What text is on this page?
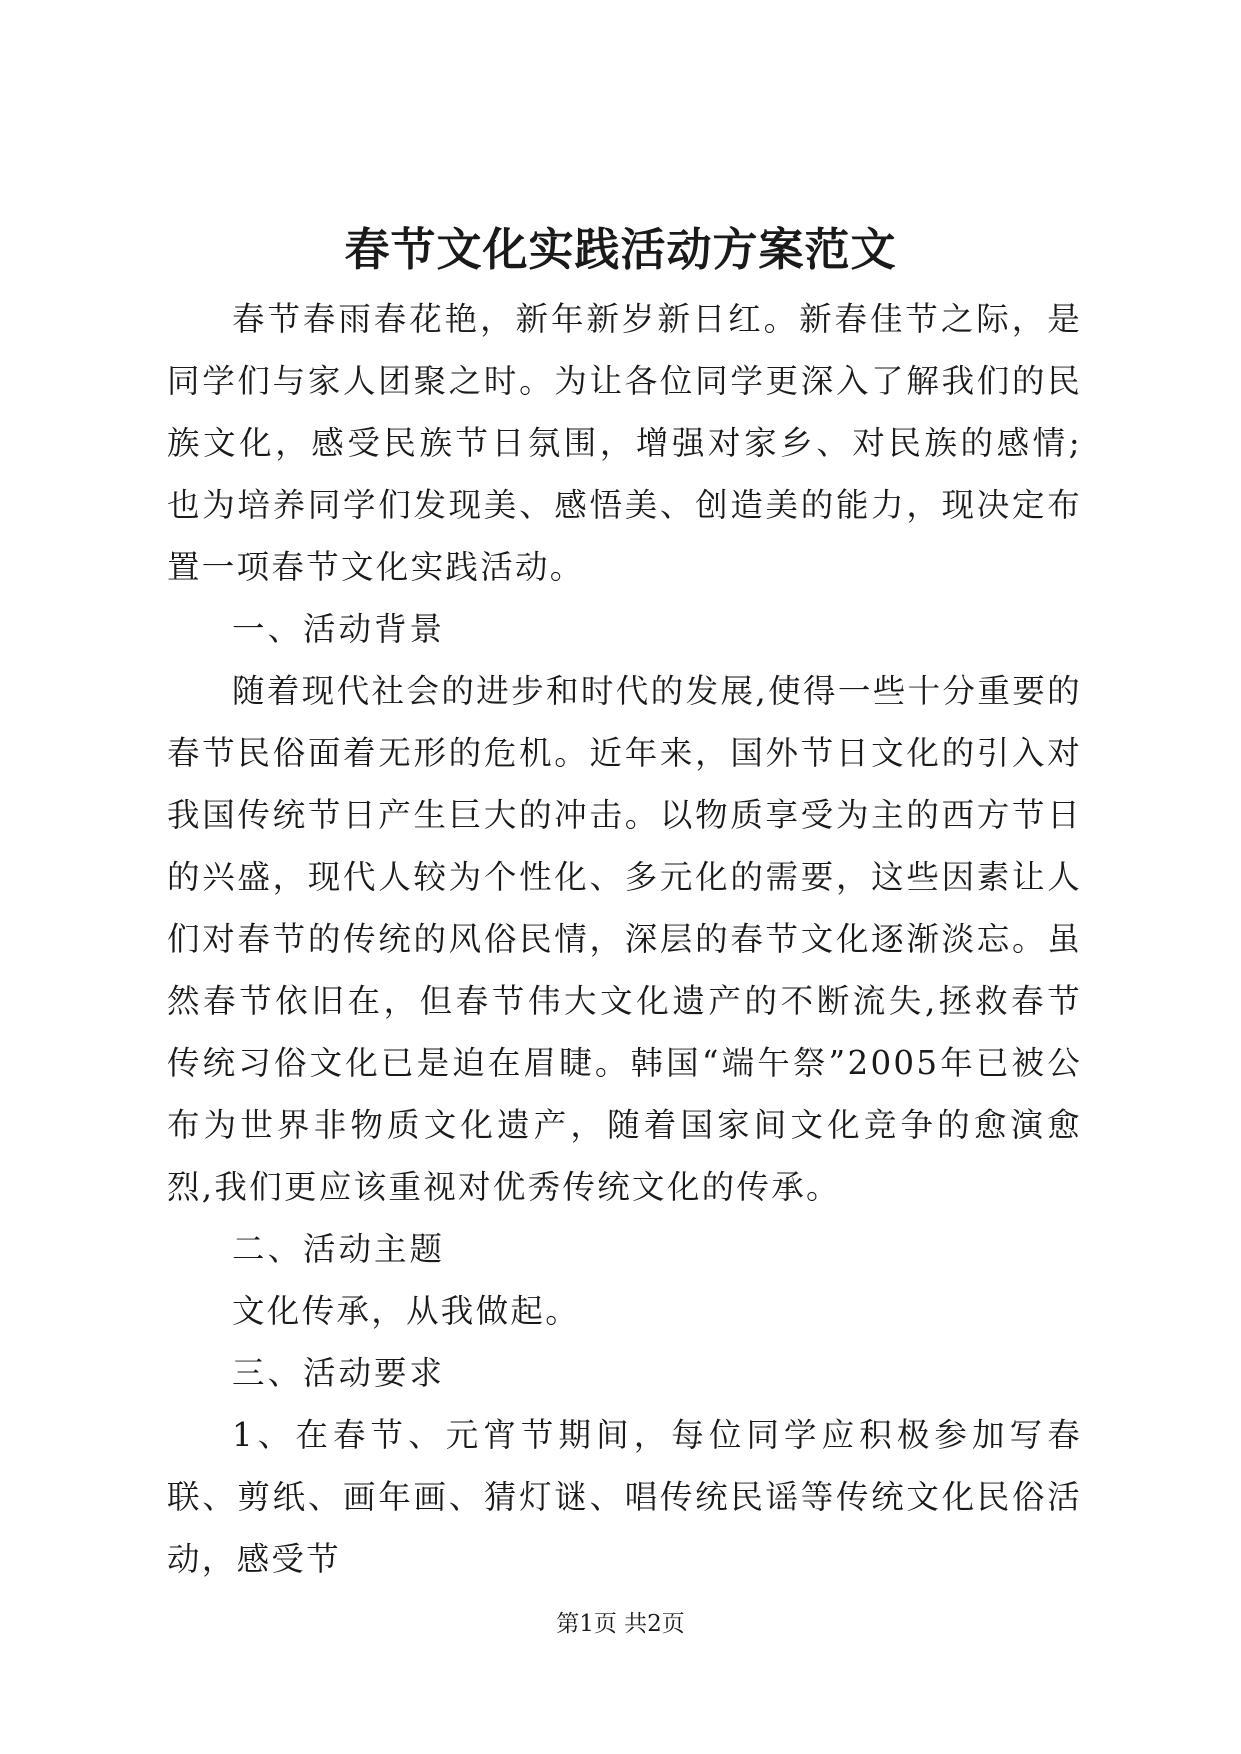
春节文化实践活动方案范文

春节春雨春花艳，新年新岁新日红。新春佳节之际，是同学们与家人团聚之时。为让各位同学更深入了解我们的民族文化，感受民族节日氛围，增强对家乡、对民族的感情;也为培养同学们发现美、感悟美、创造美的能力，现决定布置一项春节文化实践活动。

一、活动背景

随着现代社会的进步和时代的发展,使得一些十分重要的春节民俗面着无形的危机。近年来，国外节日文化的引入对我国传统节日产生巨大的冲击。以物质享受为主的西方节日的兴盛，现代人较为个性化、多元化的需要，这些因素让人们对春节的传统的风俗民情，深层的春节文化逐渐淡忘。虽然春节依旧在，但春节伟大文化遗产的不断流失,拯救春节传统习俗文化已是迫在眉睫。韩国“端午祭”2005年已被公布为世界非物质文化遗产，随着国家间文化竞争的愈演愈烈,我们更应该重视对优秀传统文化的传承。

二、活动主题

文化传承，从我做起。

三、活动要求

1、在春节、元宵节期间，每位同学应积极参加写春联、剪纸、画年画、猜灯谜、唱传统民谣等传统文化民俗活动，感受节

第1页 共2页
